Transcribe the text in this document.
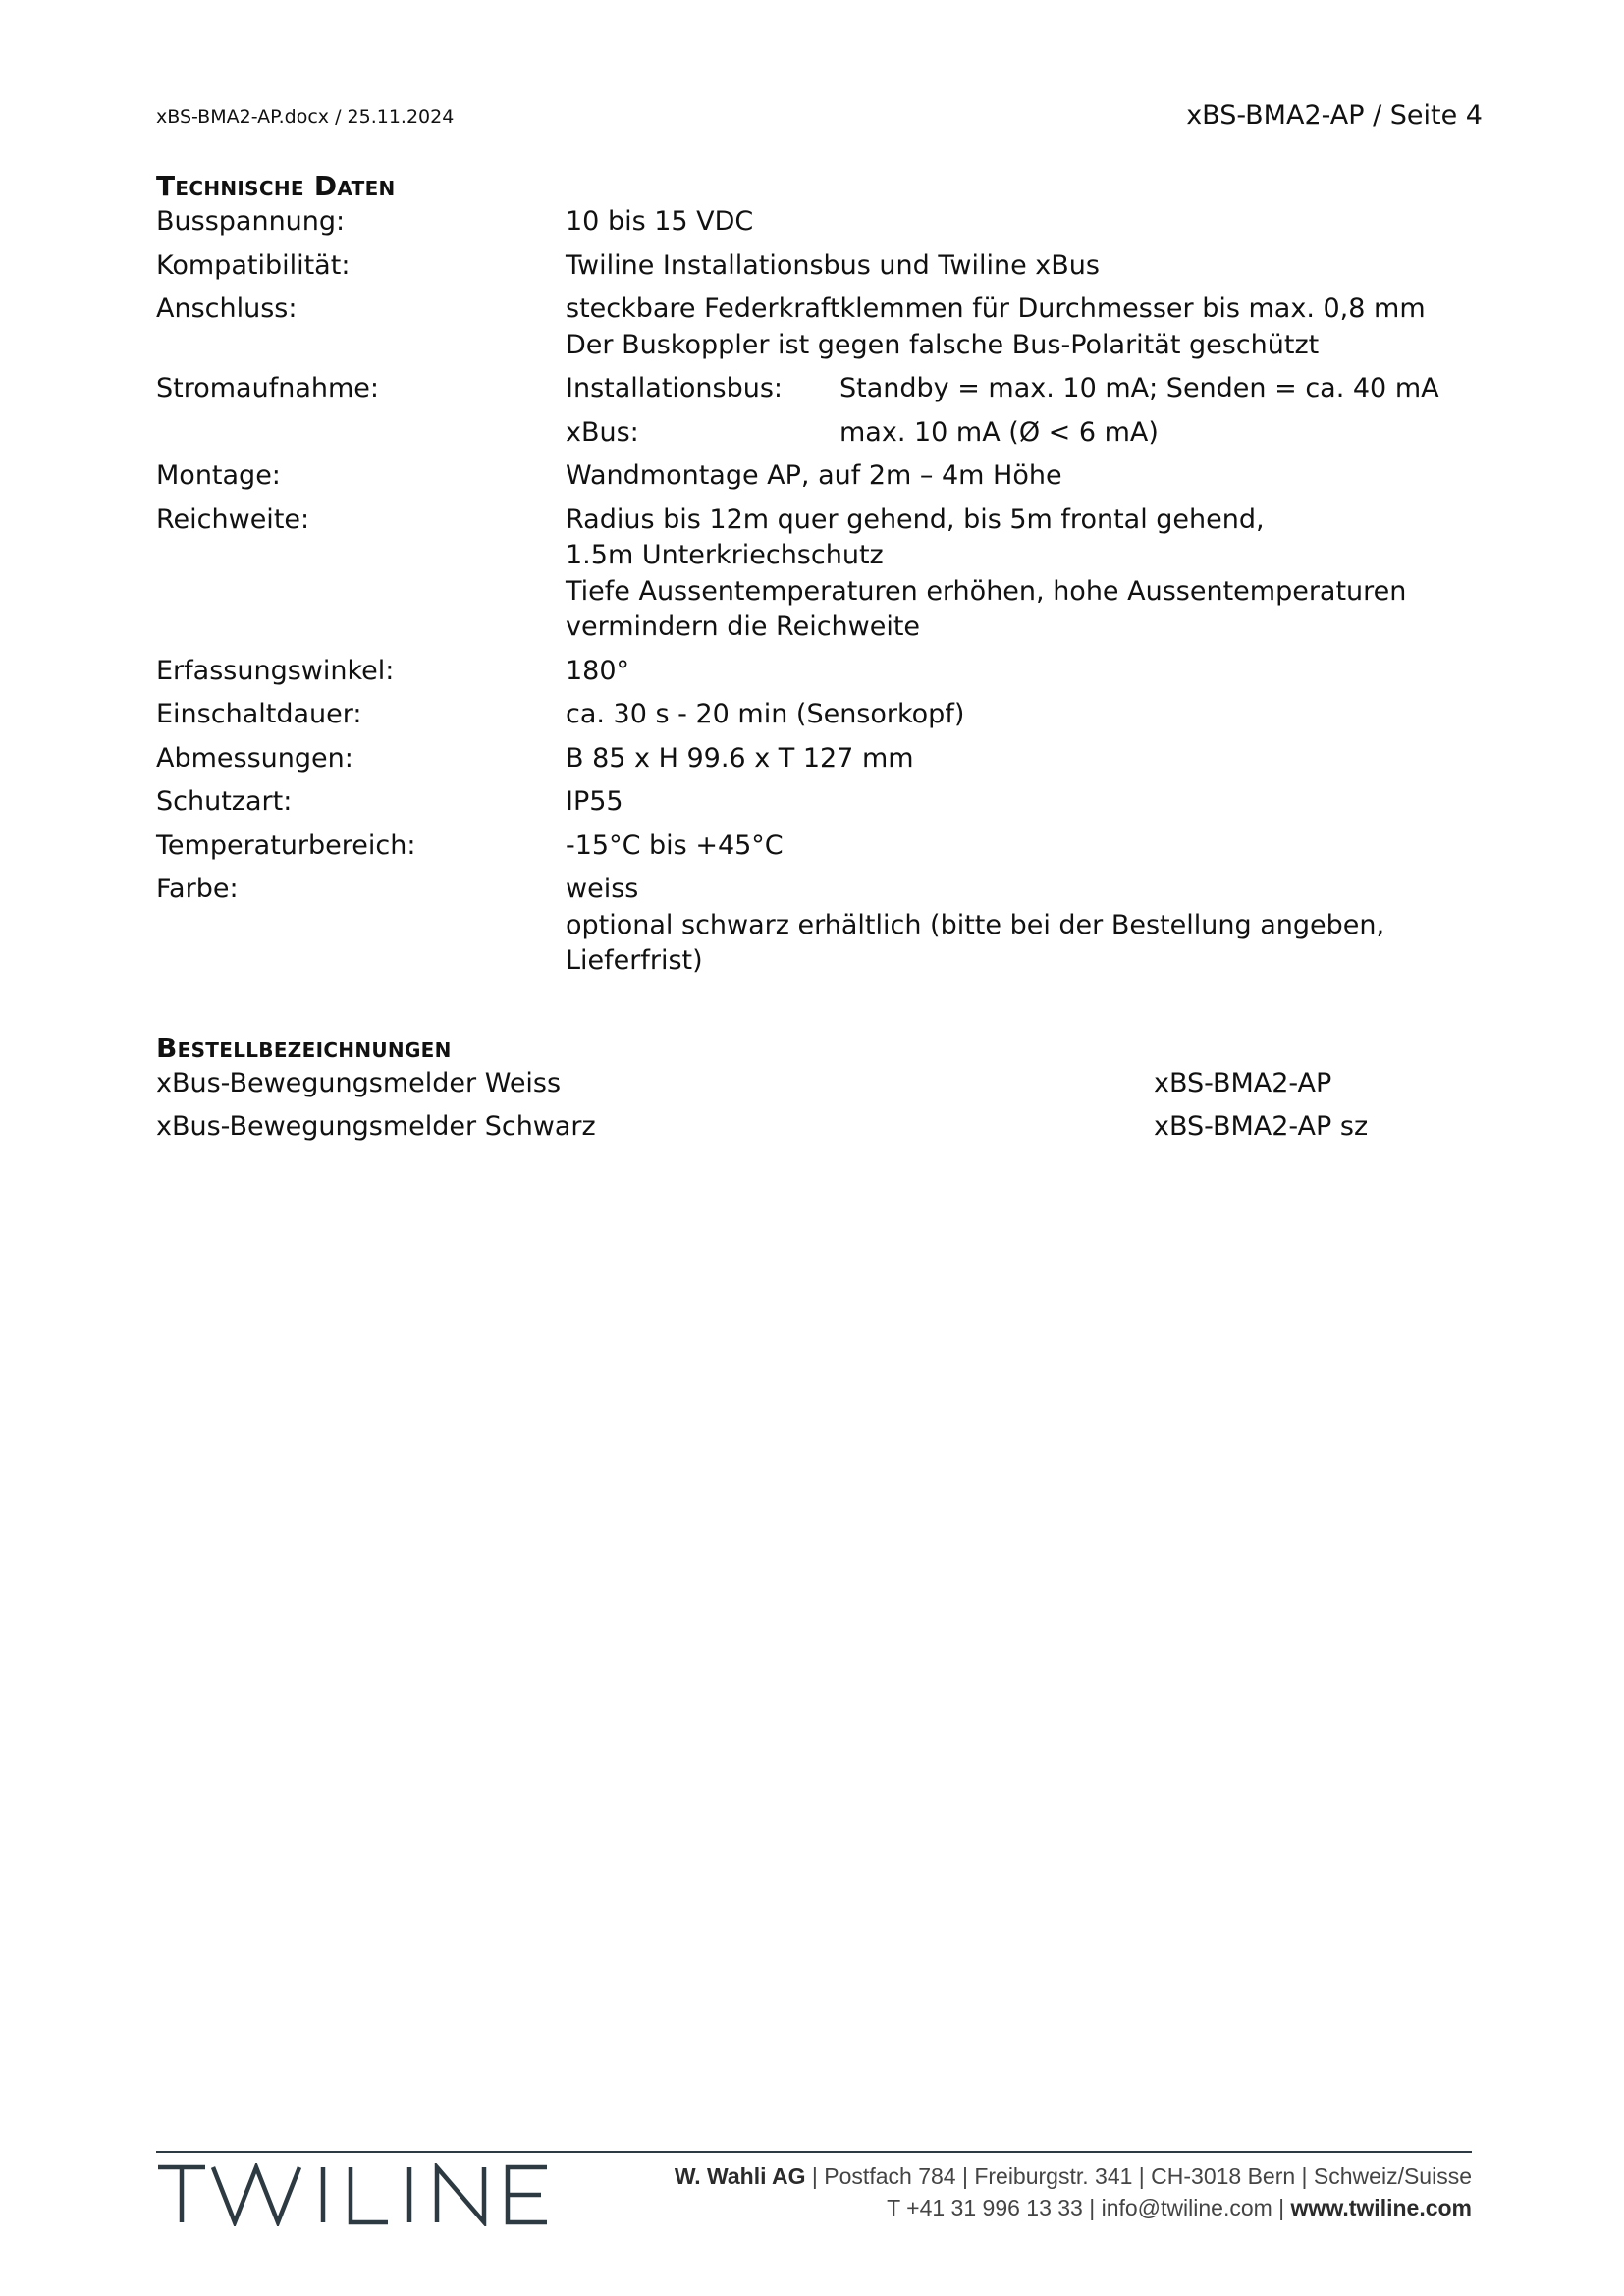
xBS-BMA2-AP.docx / 25.11.2024	xBS-BMA2-AP / Seite 4
Technische Daten
Busspannung:	10 bis 15 VDC

Kompatibilität:	Twiline Installationsbus und Twiline xBus

Anschluss:	steckbare Federkraftklemmen für Durchmesser bis max. 0,8 mm
Der Buskoppler ist gegen falsche Bus-Polarität geschützt

Stromaufnahme:	Installationsbus: Standby = max. 10 mA; Senden = ca. 40 mA
	xBus: max. 10 mA (Ø < 6 mA)
Montage:	Wandmontage AP, auf 2m – 4m Höhe

Reichweite:	Radius bis 12m quer gehend, bis 5m frontal gehend,
1.5m Unterkriechschutz
Tiefe Aussentemperaturen erhöhen, hohe Aussentemperaturen
vermindern die Reichweite

Erfassungswinkel:	180°

Einschaltdauer:	ca. 30 s - 20 min (Sensorkopf)

Abmessungen:	B 85 x H 99.6 x T 127 mm

Schutzart:	IP55

Temperaturbereich:	-15°C bis +45°C

Farbe:	weiss
optional schwarz erhältlich (bitte bei der Bestellung angeben, Lieferfrist)
Bestellbezeichnungen
xBus-Bewegungsmelder Weiss	xBS-BMA2-AP
xBus-Bewegungsmelder Schwarz	xBS-BMA2-AP sz
W. Wahli AG | Postfach 784 | Freiburgstr. 341 | CH-3018 Bern | Schweiz/Suisse
T +41 31 996 13 33 | info@twiline.com | www.twiline.com
